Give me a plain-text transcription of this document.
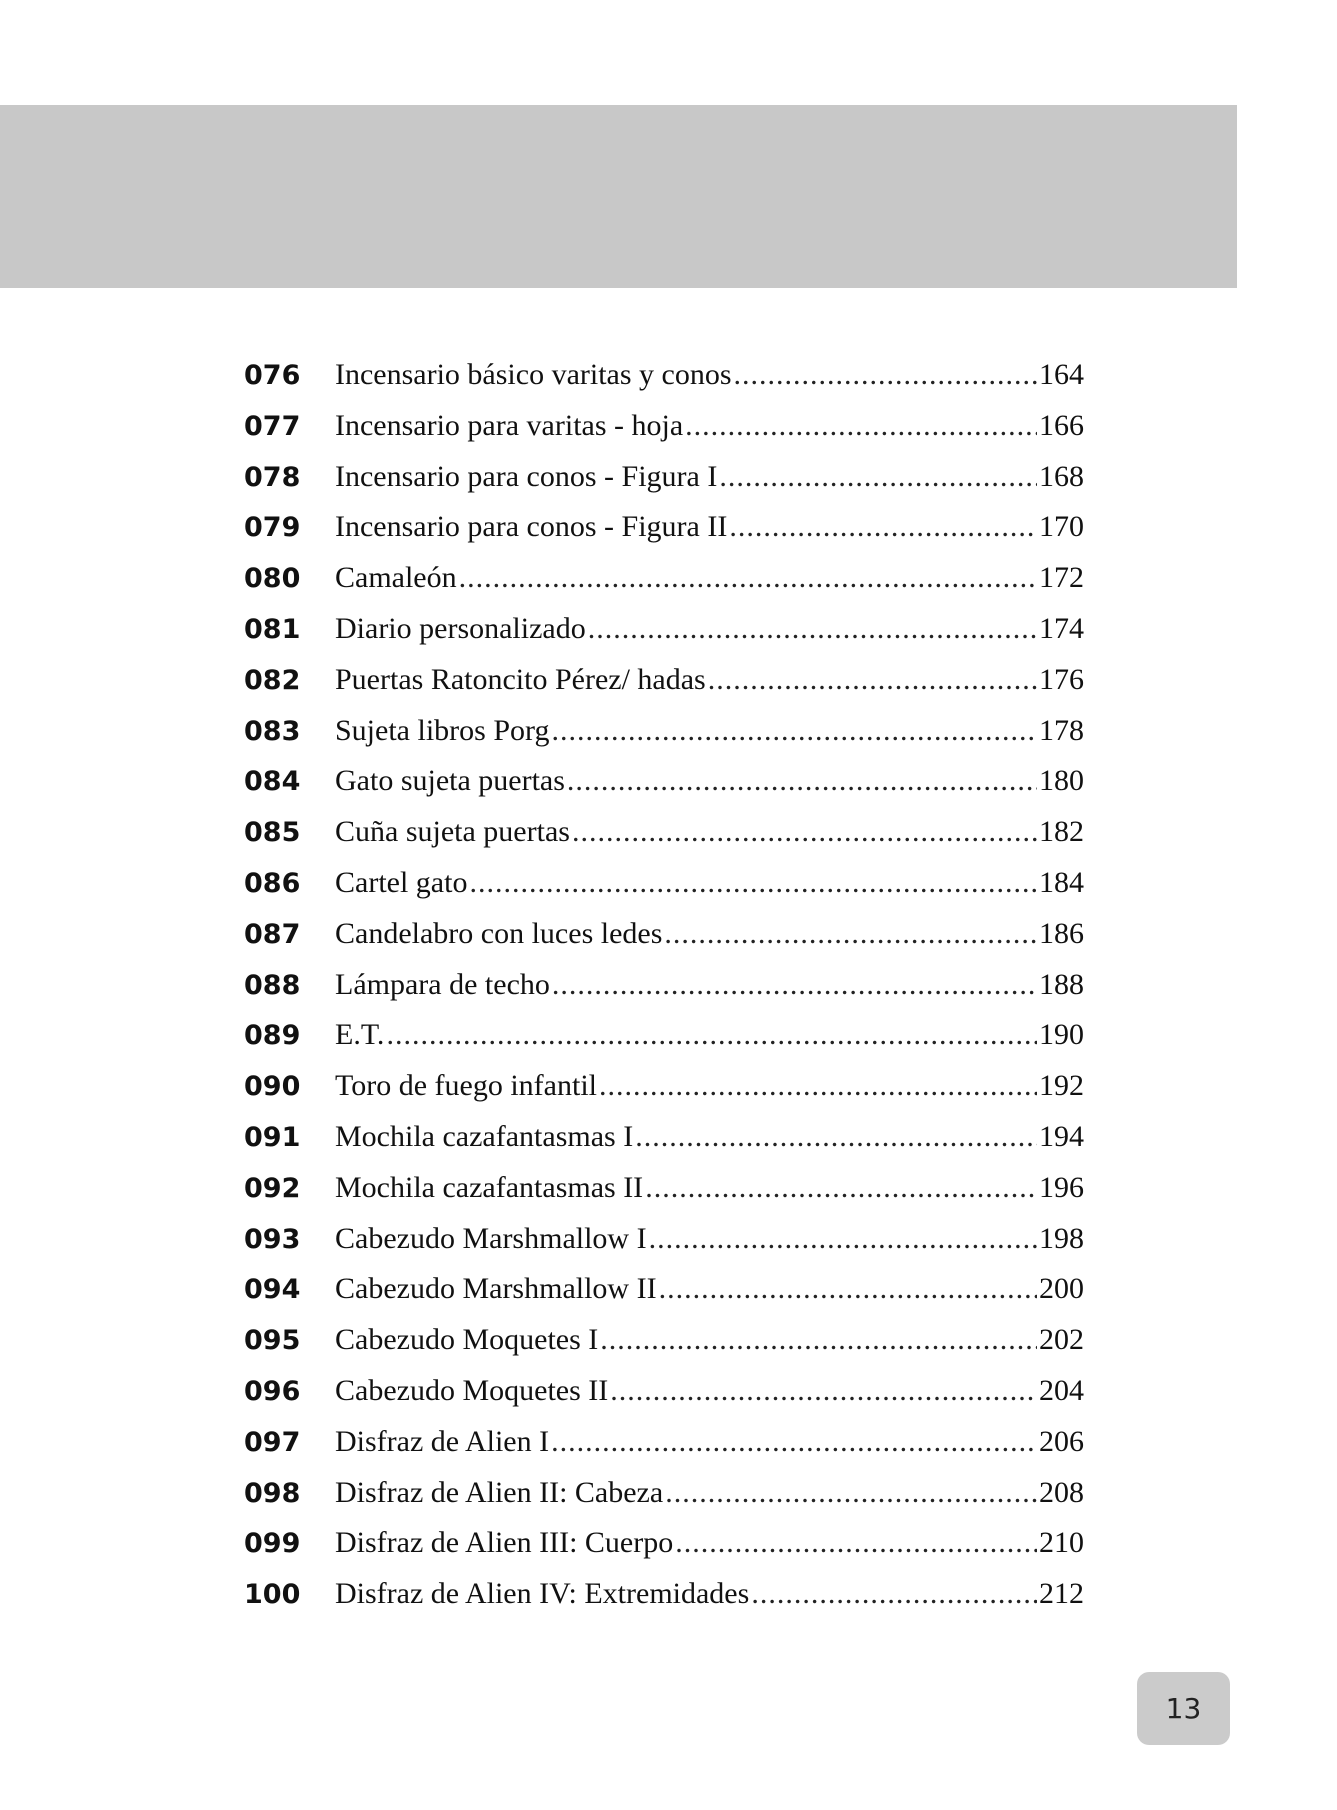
076	Incensario básico varitas y conos .....	164
077	Incensario para varitas - hoja .....	166
078	Incensario para conos - Figura I .....	168
079	Incensario para conos - Figura II .....	170
080	Camaleón .....	172
081	Diario personalizado .....	174
082	Puertas Ratoncito Pérez/ hadas .....	176
083	Sujeta libros Porg .....	178
084	Gato sujeta puertas .....	180
085	Cuña sujeta puertas .....	182
086	Cartel gato .....	184
087	Candelabro con luces ledes .....	186
088	Lámpara de techo .....	188
089	E.T. .....	190
090	Toro de fuego infantil .....	192
091	Mochila cazafantasmas I .....	194
092	Mochila cazafantasmas II .....	196
093	Cabezudo Marshmallow I .....	198
094	Cabezudo Marshmallow II .....	200
095	Cabezudo Moquetes I .....	202
096	Cabezudo Moquetes II .....	204
097	Disfraz de Alien I .....	206
098	Disfraz de Alien II: Cabeza .....	208
099	Disfraz de Alien III: Cuerpo .....	210
100	Disfraz de Alien IV: Extremidades .....	212
13
